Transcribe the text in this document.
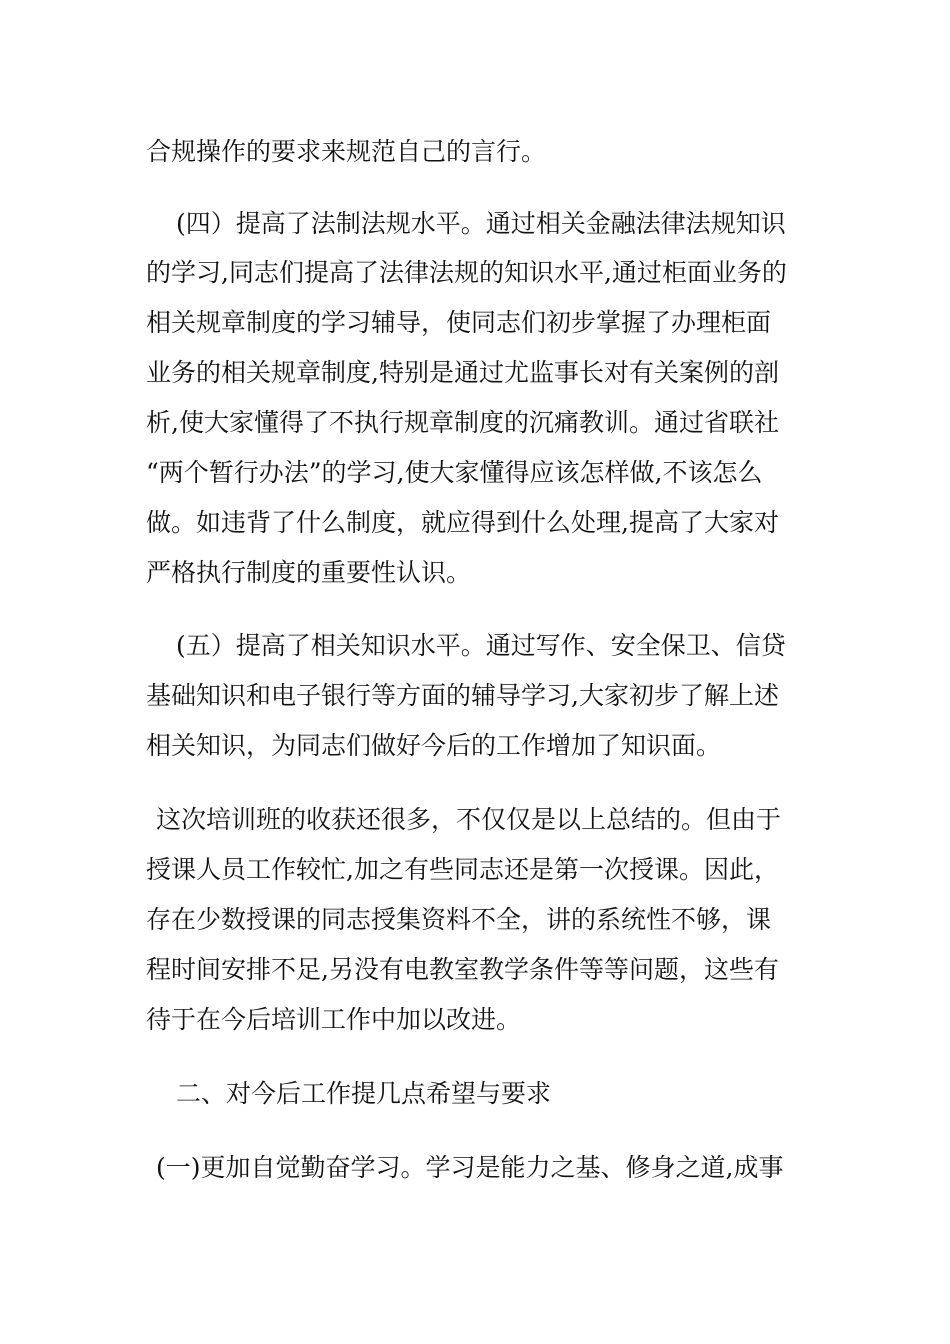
合规操作的要求来规范自己的言行。
(四）提高了法制法规水平。通过相关金融法律法规知识
的学习,同志们提高了法律法规的知识水平,通过柜面业务的
相关规章制度的学习辅导，使同志们初步掌握了办理柜面
业务的相关规章制度,特别是通过尤监事长对有关案例的剖
析,使大家懂得了不执行规章制度的沉痛教训。通过省联社
“两个暂行办法”的学习,使大家懂得应该怎样做,不该怎么
做。如违背了什么制度，就应得到什么处理,提高了大家对
严格执行制度的重要性认识。
(五）提高了相关知识水平。通过写作、安全保卫、信贷
基础知识和电子银行等方面的辅导学习,大家初步了解上述
相关知识，为同志们做好今后的工作增加了知识面。
这次培训班的收获还很多，不仅仅是以上总结的。但由于
授课人员工作较忙,加之有些同志还是第一次授课。因此，
存在少数授课的同志授集资料不全，讲的系统性不够，课
程时间安排不足,另没有电教室教学条件等等问题，这些有
待于在今后培训工作中加以改进。
二、对今后工作提几点希望与要求
(一)更加自觉勤奋学习。学习是能力之基、修身之道,成事
